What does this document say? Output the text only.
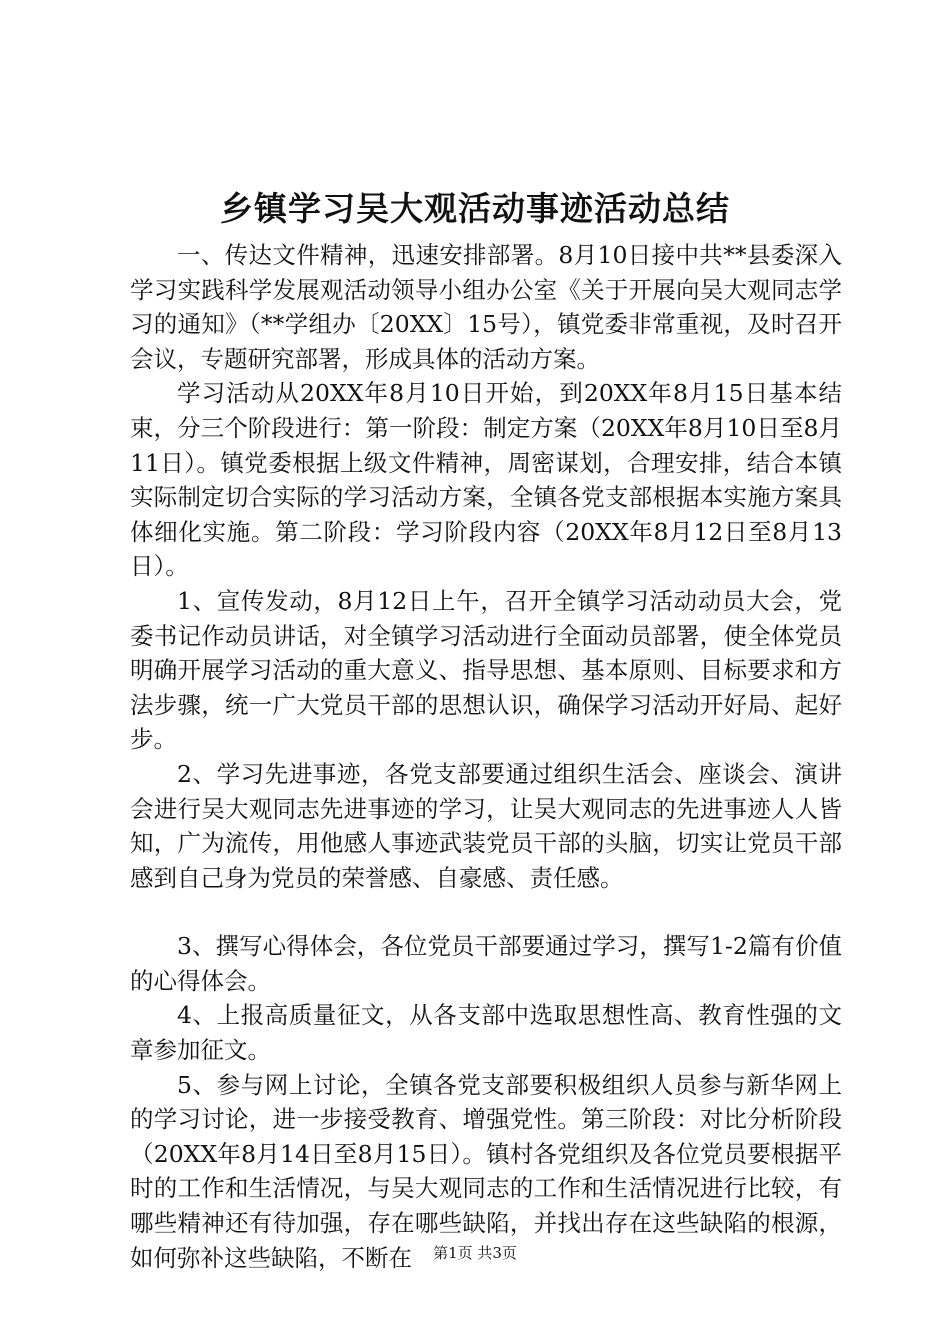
乡镇学习吴大观活动事迹活动总结

一、传达文件精神，迅速安排部署。8月10日接中共**县委深入学习实践科学发展观活动领导小组办公室《关于开展向吴大观同志学习的通知》（**学组办〔20XX〕15号），镇党委非常重视，及时召开会议，专题研究部署，形成具体的活动方案。

学习活动从20XX年8月10日开始，到20XX年8月15日基本结束，分三个阶段进行：第一阶段：制定方案（20XX年8月10日至8月11日）。镇党委根据上级文件精神，周密谋划，合理安排，结合本镇实际制定切合实际的学习活动方案，全镇各党支部根据本实施方案具体细化实施。第二阶段：学习阶段内容（20XX年8月12日至8月13日）。

1、宣传发动，8月12日上午，召开全镇学习活动动员大会，党委书记作动员讲话，对全镇学习活动进行全面动员部署，使全体党员明确开展学习活动的重大意义、指导思想、基本原则、目标要求和方法步骤，统一广大党员干部的思想认识，确保学习活动开好局、起好步。

2、学习先进事迹，各党支部要通过组织生活会、座谈会、演讲会进行吴大观同志先进事迹的学习，让吴大观同志的先进事迹人人皆知，广为流传，用他感人事迹武装党员干部的头脑，切实让党员干部感到自己身为党员的荣誉感、自豪感、责任感。

3、撰写心得体会，各位党员干部要通过学习，撰写1-2篇有价值的心得体会。

4、上报高质量征文，从各支部中选取思想性高、教育性强的文章参加征文。

5、参与网上讨论，全镇各党支部要积极组织人员参与新华网上的学习讨论，进一步接受教育、增强党性。第三阶段：对比分析阶段（20XX年8月14日至8月15日）。镇村各党组织及各位党员要根据平时的工作和生活情况，与吴大观同志的工作和生活情况进行比较，有哪些精神还有待加强，存在哪些缺陷，并找出存在这些缺陷的根源，如何弥补这些缺陷，不断在	第1页 共3页
